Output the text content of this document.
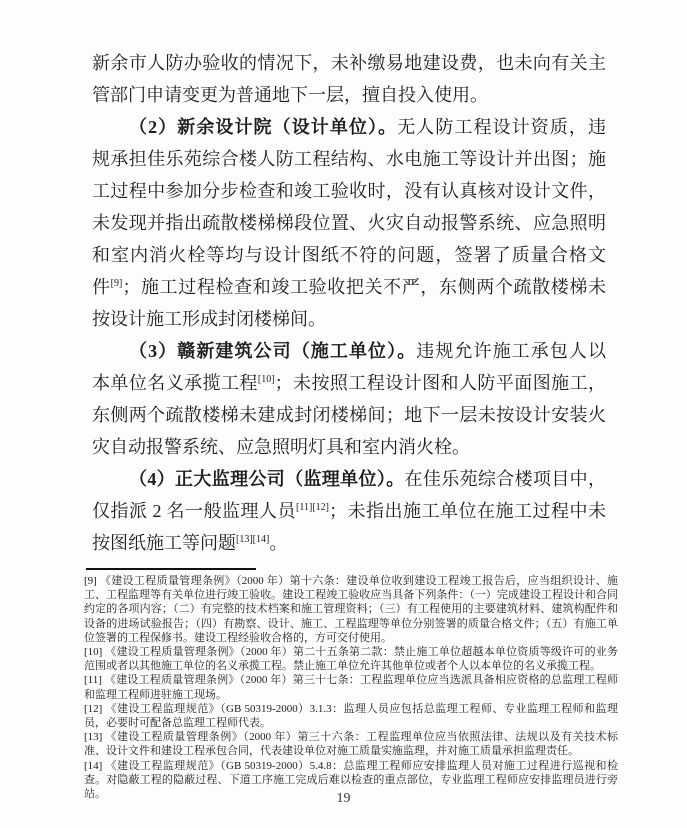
新余市人防办验收的情况下，未补缴易地建设费，也未向有关主
管部门申请变更为普通地下一层，擅自投入使用。
（2）新余设计院（设计单位）。无人防工程设计资质，违
规承担佳乐苑综合楼人防工程结构、水电施工等设计并出图；施
工过程中参加分步检查和竣工验收时，没有认真核对设计文件，
未发现并指出疏散楼梯梯段位置、火灾自动报警系统、应急照明
和室内消火栓等均与设计图纸不符的问题，签署了质量合格文
件[9]；施工过程检查和竣工验收把关不严，东侧两个疏散楼梯未
按设计施工形成封闭楼梯间。
（3）赣新建筑公司（施工单位）。违规允许施工承包人以
本单位名义承揽工程[10]；未按照工程设计图和人防平面图施工，
东侧两个疏散楼梯未建成封闭楼梯间；地下一层未按设计安装火
灾自动报警系统、应急照明灯具和室内消火栓。
（4）正大监理公司（监理单位）。在佳乐苑综合楼项目中，
仅指派 2 名一般监理人员[11][12]；未指出施工单位在施工过程中未
按图纸施工等问题[13][14]。

[9] 《建设工程质量管理条例》（2000 年）第十六条：建设单位收到建设工程竣工报告后，应当组织设计、施工、工程监理等有关单位进行竣工验收。建设工程竣工验收应当具备下列条件：（一）完成建设工程设计和合同约定的各项内容；（二）有完整的技术档案和施工管理资料；（三）有工程使用的主要建筑材料、建筑构配件和设备的进场试验报告；（四）有勘察、设计、施工、工程监理等单位分别签署的质量合格文件；（五）有施工单位签署的工程保修书。建设工程经验收合格的，方可交付使用。

[10] 《建设工程质量管理条例》（2000 年）第二十五条第二款：禁止施工单位超越本单位资质等级许可的业务范围或者以其他施工单位的名义承揽工程。禁止施工单位允许其他单位或者个人以本单位的名义承揽工程。

[11] 《建设工程质量管理条例》（2000 年）第三十七条：工程监理单位应当选派具备相应资格的总监理工程师和监理工程师进驻施工现场。

[12] 《建设工程监理规范》（GB 50319-2000）3.1.3：监理人员应包括总监理工程师、专业监理工程师和监理员，必要时可配备总监理工程师代表。

[13] 《建设工程质量管理条例》（2000 年）第三十六条：工程监理单位应当依照法律、法规以及有关技术标准、设计文件和建设工程承包合同，代表建设单位对施工质量实施监理，并对施工质量承担监理责任。

[14] 《建设工程监理规范》（GB 50319-2000）5.4.8：总监理工程师应安排监理人员对施工过程进行巡视和检查。对隐蔽工程的隐蔽过程、下道工序施工完成后难以检查的重点部位，专业监理工程师应安排监理员进行旁站。	19
